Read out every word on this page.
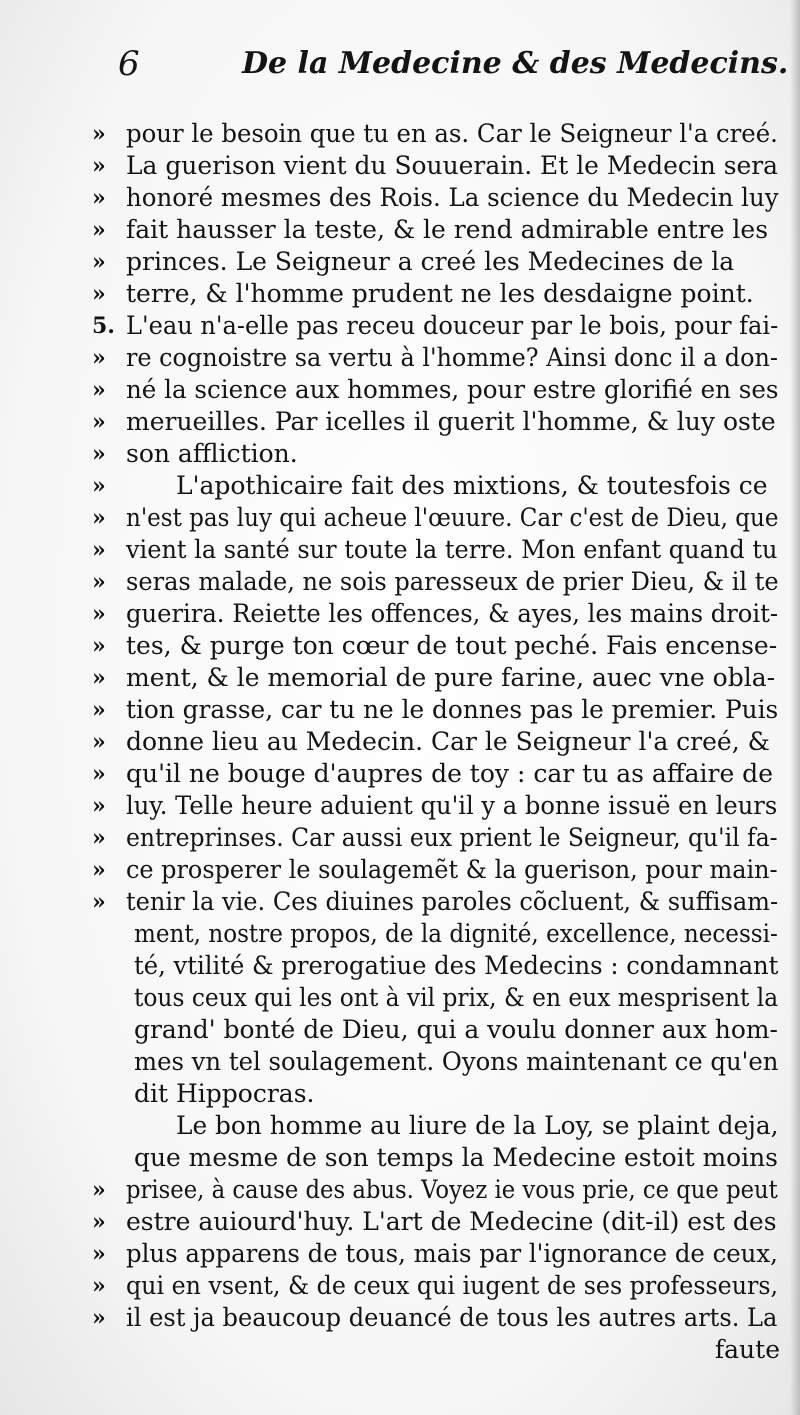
6	De la Medecine & des Medecins.
» pour le besoin que tu en as. Car le Seigneur l'a creé.
» La guerison vient du Souuerain. Et le Medecin sera
» honoré mesmes des Rois. La science du Medecin luy
» fait hausser la teste, & le rend admirable entre les
» princes. Le Seigneur a creé les Medecines de la
» terre, & l'homme prudent ne les desdaigne point.
5. L'eau n'a-elle pas receu douceur par le bois, pour fai-
» re cognoistre sa vertu à l'homme? Ainsi donc il a don-
» né la science aux hommes, pour estre glorifié en ses
» merueilles. Par icelles il guerit l'homme, & luy oste
» son affliction.
»	L'apothicaire fait des mixtions, & toutesfois ce
» n'est pas luy qui acheue l'œuure. Car c'est de Dieu, que
» vient la santé sur toute la terre. Mon enfant quand tu
» seras malade, ne sois paresseux de prier Dieu, & il te
» guerira. Reiette les offences, & ayes, les mains droit-
» tes, & purge ton cœur de tout peché. Fais encense-
» ment, & le memorial de pure farine, auec vne obla-
» tion grasse, car tu ne le donnes pas le premier. Puis
» donne lieu au Medecin. Car le Seigneur l'a creé, &
» qu'il ne bouge d'aupres de toy : car tu as affaire de
» luy. Telle heure aduient qu'il y a bonne issuë en leurs
» entreprinses. Car aussi eux prient le Seigneur, qu'il fa-
» ce prosperer le soulagemẽt & la guerison, pour main-
» tenir la vie. Ces diuines paroles cõcluent, & suffisam-
ment, nostre propos, de la dignité, excellence, necessi-
té, vtilité & prerogatiue des Medecins : condamnant
tous ceux qui les ont à vil prix, & en eux mesprisent la
grand' bonté de Dieu, qui a voulu donner aux hom-
mes vn tel soulagement. Oyons maintenant ce qu'en
dit Hippocras.
Le bon homme au liure de la Loy, se plaint deja,
que mesme de son temps la Medecine estoit moins
» prisee, à cause des abus. Voyez ie vous prie, ce que peut
» estre auiourd'huy. L'art de Medecine (dit-il) est des
» plus apparens de tous, mais par l'ignorance de ceux,
» qui en vsent, & de ceux qui iugent de ses professeurs,
» il est ja beaucoup deuancé de tous les autres arts. La
faute
